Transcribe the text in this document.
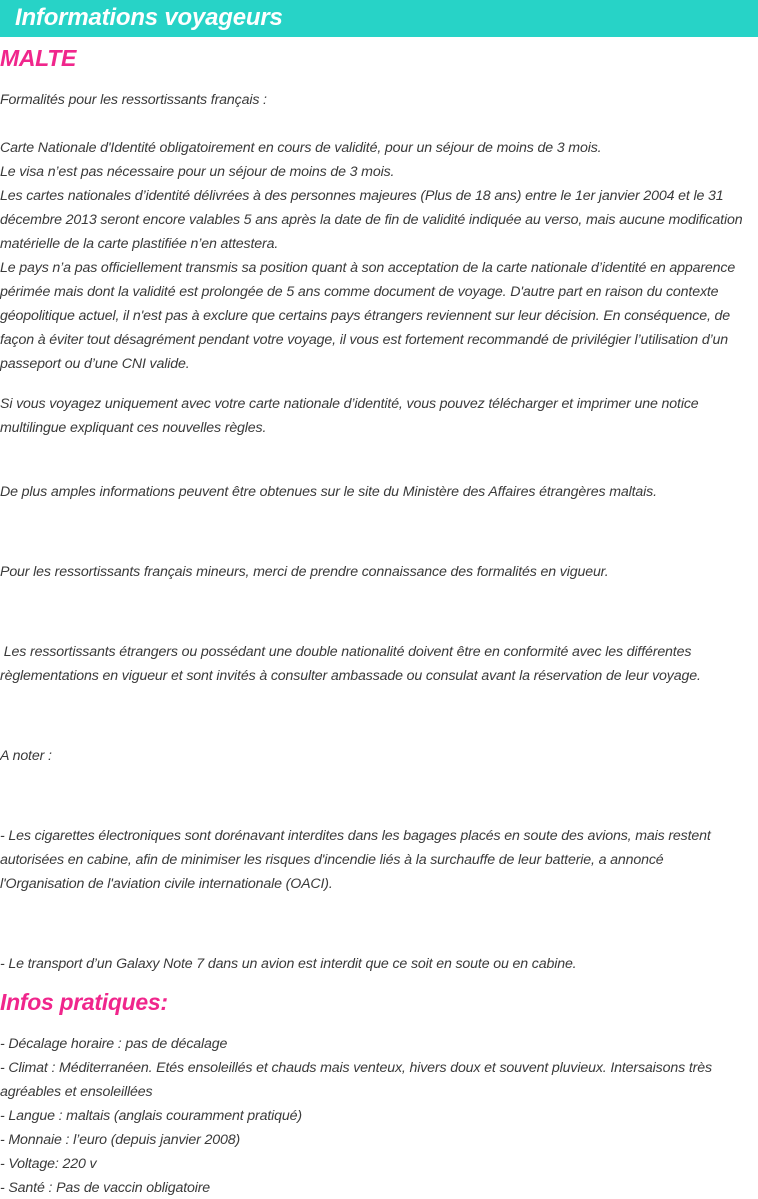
Informations voyageurs
MALTE

Formalités pour les ressortissants français :

Carte Nationale d'Identité obligatoirement en cours de validité, pour un séjour de moins de 3 mois.
Le visa n’est pas nécessaire pour un séjour de moins de 3 mois.
Les cartes nationales d’identité délivrées à des personnes majeures (Plus de 18 ans) entre le 1er janvier 2004 et le 31
décembre 2013 seront encore valables 5 ans après la date de fin de validité indiquée au verso, mais aucune modification
matérielle de la carte plastifiée n’en attestera.
Le pays n’a pas officiellement transmis sa position quant à son acceptation de la carte nationale d’identité en apparence
périmée mais dont la validité est prolongée de 5 ans comme document de voyage. D'autre part en raison du contexte
géopolitique actuel, il n'est pas à exclure que certains pays étrangers reviennent sur leur décision. En conséquence, de
façon à éviter tout désagrément pendant votre voyage, il vous est fortement recommandé de privilégier l’utilisation d’un
passeport ou d’une CNI valide.

Si vous voyagez uniquement avec votre carte nationale d’identité, vous pouvez télécharger et imprimer une notice
multilingue expliquant ces nouvelles règles.

De plus amples informations peuvent être obtenues sur le site du Ministère des Affaires étrangères maltais.

Pour les ressortissants français mineurs, merci de prendre connaissance des formalités en vigueur.

Les ressortissants étrangers ou possédant une double nationalité doivent être en conformité avec les différentes
règlementations en vigueur et sont invités à consulter ambassade ou consulat avant la réservation de leur voyage.

A noter :

- Les cigarettes électroniques sont dorénavant interdites dans les bagages placés en soute des avions, mais restent
autorisées en cabine, afin de minimiser les risques d'incendie liés à la surchauffe de leur batterie, a annoncé
l'Organisation de l'aviation civile internationale (OACI).

- Le transport d’un Galaxy Note 7 dans un avion est interdit que ce soit en soute ou en cabine.

Infos pratiques:

- Décalage horaire : pas de décalage
- Climat : Méditerranéen. Etés ensoleillés et chauds mais venteux, hivers doux et souvent pluvieux. Intersaisons très
agréables et ensoleillées
- Langue : maltais (anglais couramment pratiqué)
- Monnaie : l’euro (depuis janvier 2008)
- Voltage: 220 v
- Santé : Pas de vaccin obligatoire
